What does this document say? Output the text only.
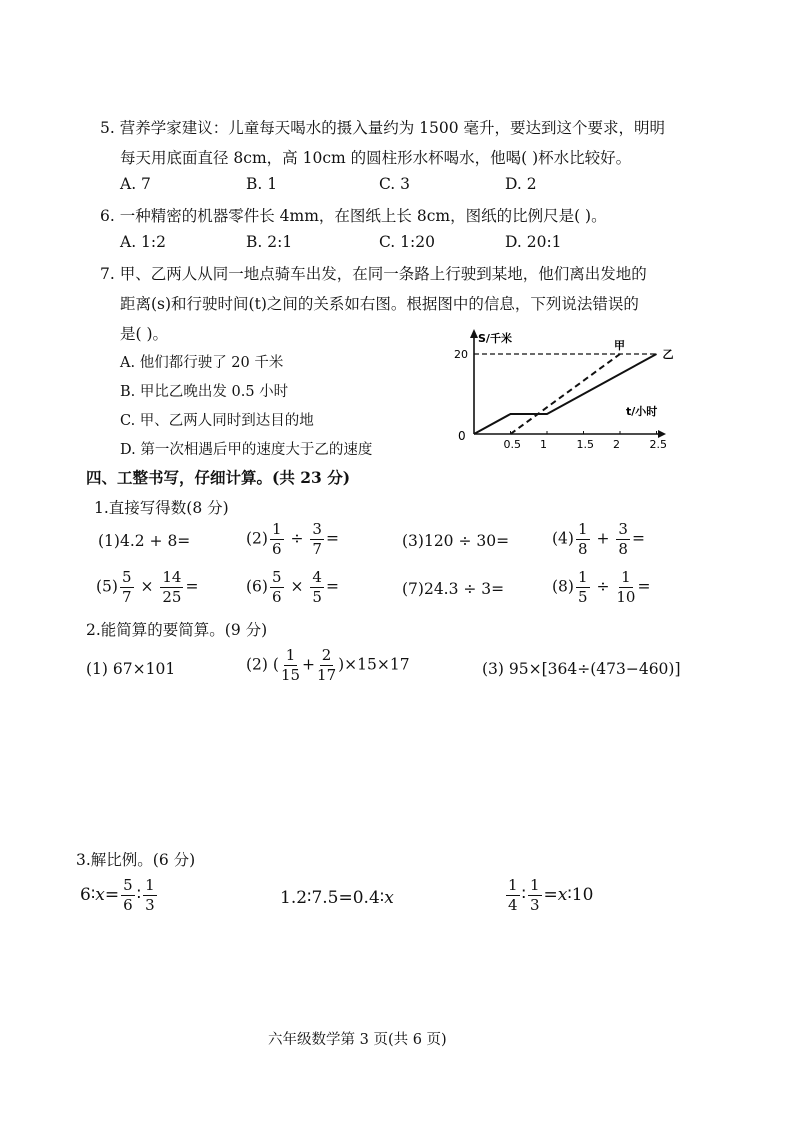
5. 营养学家建议：儿童每天喝水的摄入量约为 1500 毫升，要达到这个要求，明明
每天用底面直径 8cm，高 10cm 的圆柱形水杯喝水，他喝( )杯水比较好。
A. 7	B. 1	C. 3	D. 2
6. 一种精密的机器零件长 4mm，在图纸上长 8cm，图纸的比例尺是( )。
A. 1:2	B. 2:1	C. 1:20	D. 20:1
7. 甲、乙两人从同一地点骑车出发，在同一条路上行驶到某地，他们离出发地的
距离(s)和行驶时间(t)之间的关系如右图。根据图中的信息，下列说法错误的
是( )。
A. 他们都行驶了 20 千米
B. 甲比乙晚出发 0.5 小时
C. 甲、乙两人同时到达目的地
D. 第一次相遇后甲的速度大于乙的速度
S/千米
t/小时
0
20
0.5 1	1.5 2	2.5
甲
乙
四、工整书写，仔细计算。(共 23 分)
1.直接写得数(8 分)
(1)4.2 + 8=	$(2) \frac{1}{6} \div \frac{3}{7}$ =	(3)120 ÷ 30=	$(4) \frac{1}{8} + \frac{3}{8}$ =
$(5) \frac{5}{7} \times \frac{14}{25}$ =	$(6) \frac{5}{6} \times \frac{4}{5}$ =	(7)24.3 ÷ 3=	$(8) \frac{1}{5} \div \frac{1}{10}$ =
2.能简算的要简算。(9 分)
(1) 67×101	(2) ( $\frac{1}{15} + \frac{2}{17} )\times 15\times 17$	(3) 95×[364÷(473−460)]
3.解比例。(6 分)
6∶x= $\frac{5}{6}$ ∶ $\frac{1}{3}$	1.2∶7.5=0.4∶x	$\frac{1}{4}$ ∶ $\frac{1}{3}$ =x∶10
六年级数学第 3 页(共 6 页)
